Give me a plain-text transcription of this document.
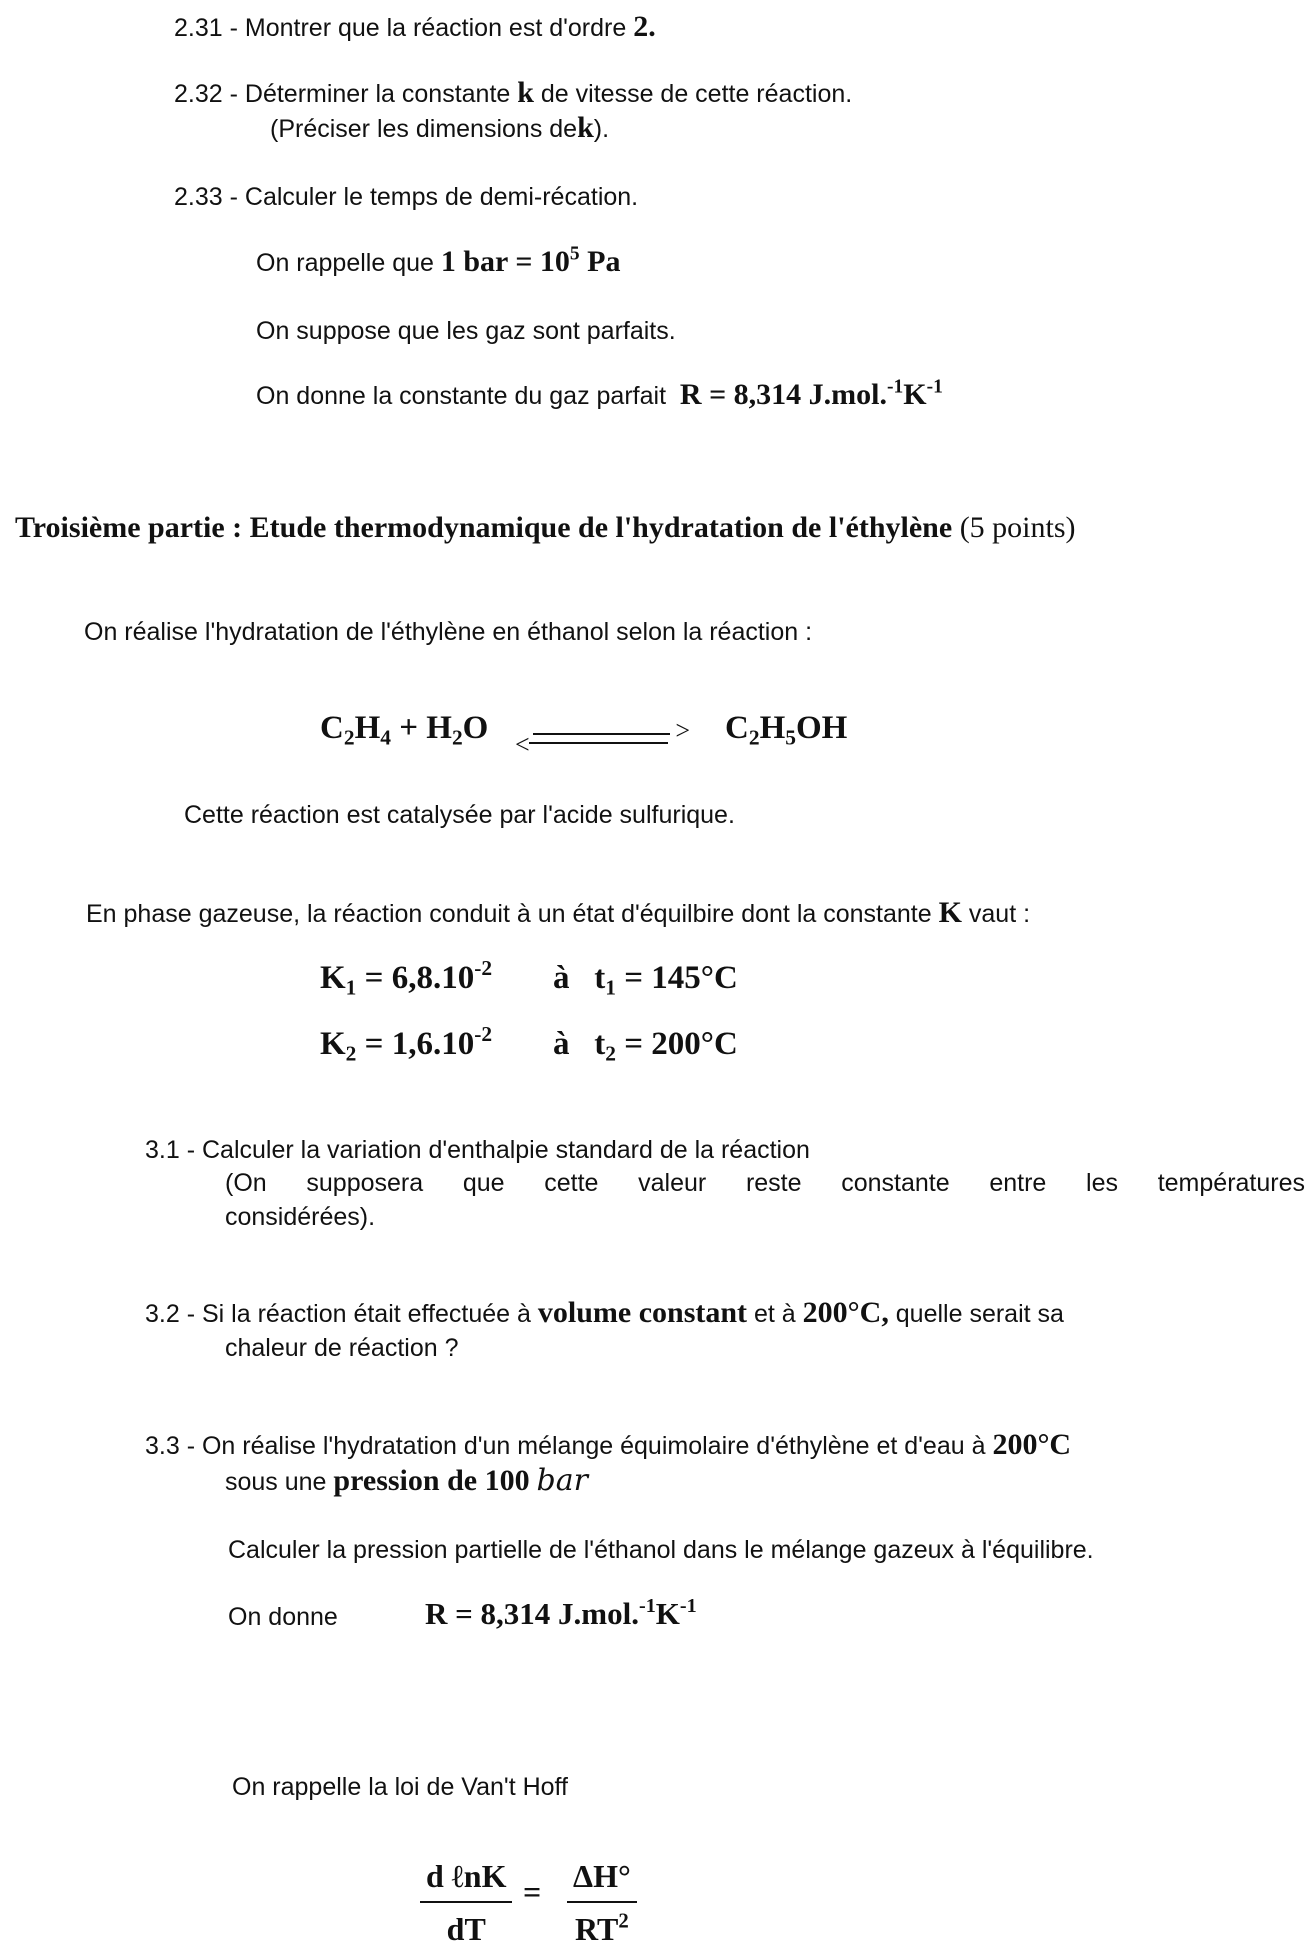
2.31 - Montrer que la réaction est d'ordre 2.
2.32 - Déterminer la constante k de vitesse de cette réaction.
(Préciser les dimensions dek).
2.33 - Calculer le temps de demi-récation.
On rappelle que 1 bar = $10^5$ Pa
On suppose que les gaz sont parfaits.
On donne la constante du gaz parfait R = 8,314 $J.mol.^{-1}K^{-1}$
Troisième partie : Etude thermodynamique de l'hydratation de l'éthylène (5 points)
On réalise l'hydratation de l'éthylène en éthanol selon la réaction :
$C_2H_4 + H_2O$ <	> $C_2H_5OH$
Cette réaction est catalysée par l'acide sulfurique.
En phase gazeuse, la réaction conduit à un état d'équilbire dont la constante K vaut :
$K_1 = 6,8.10^{-2}$ à $t_1 = 145^\circ C$
$K_2 = 1,6.10^{-2}$ à $t_2 = 200^\circ C$
3.1 - Calculer la variation d'enthalpie standard de la réaction
(On supposera que cette valeur reste constante entre les températures
considérées).
3.2 - Si la réaction était effectuée à volume constant et à 200°C, quelle serait sa
chaleur de réaction ?
3.3 - On réalise l'hydratation d'un mélange équimolaire d'éthylène et d'eau à 200°C
sous une pression de 100 bar
Calculer la pression partielle de l'éthanol dans le mélange gazeux à l'équilibre.
On donne	R = 8,314 $J.mol.^{-1}K^{-1}$
On rappelle la loi de Van't Hoff
d ℓnK
dT
= $\frac{\Delta H^\circ}{RT^2}$
